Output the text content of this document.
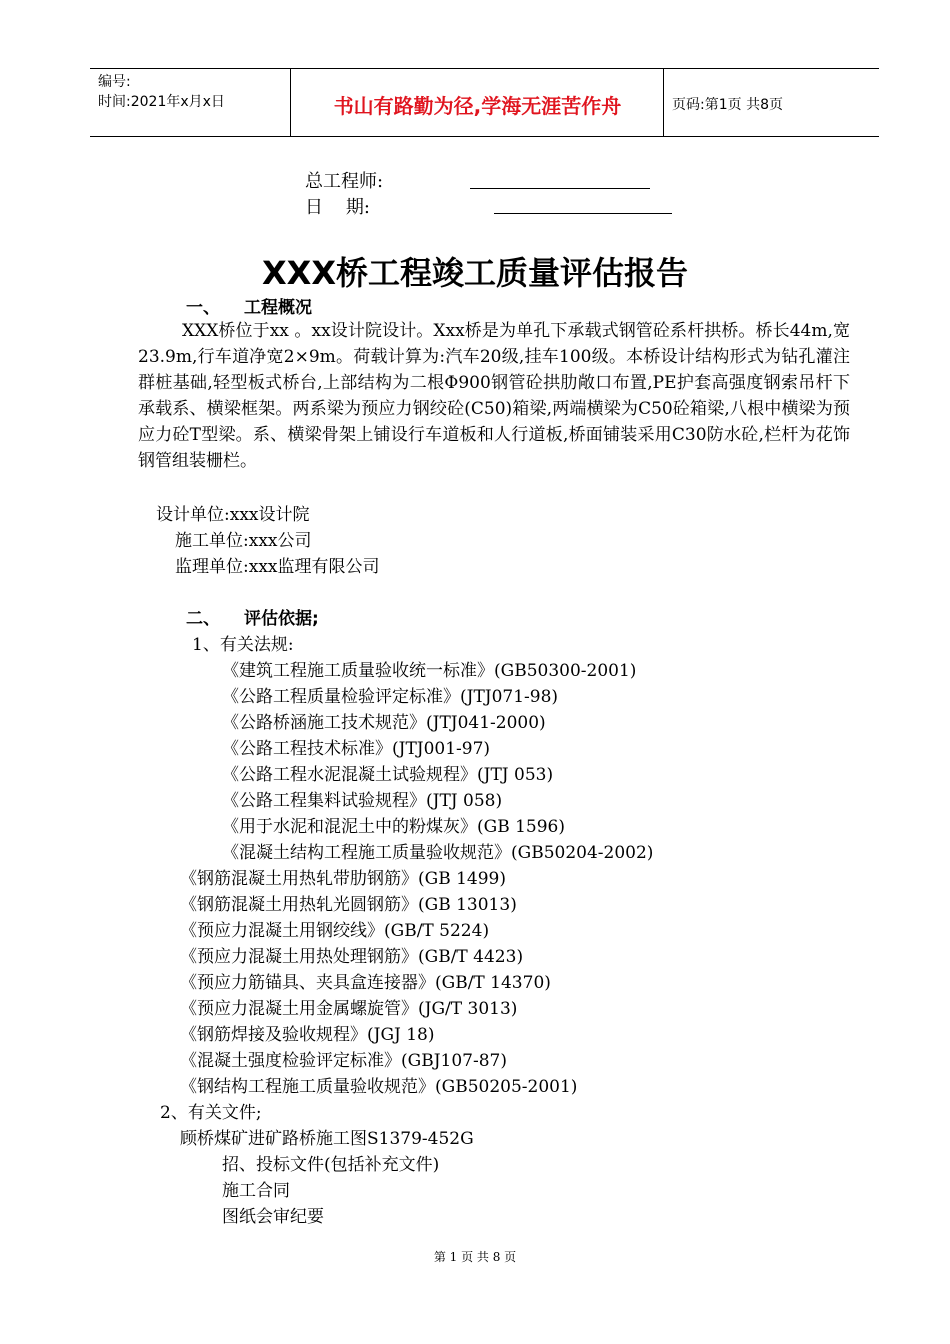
编号:
时间:2021年x月x日	书山有路勤为径,学海无涯苦作舟	页码:第1页 共8页
总工程师:
日    期:
XXX桥工程竣工质量评估报告
一、 工程概况
XXX桥位于xx 。xx设计院设计。Xxx桥是为单孔下承载式钢管砼系杆拱桥。桥长44m,宽23.9m,行车道净宽2×9m。荷载计算为:汽车20级,挂车100级。本桥设计结构形式为钻孔灌注群桩基础,轻型板式桥台,上部结构为二根Φ900钢管砼拱肋敞口布置,PE护套高强度钢索吊杆下承载系、横梁框架。两系梁为预应力钢绞砼(C50)箱梁,两端横梁为C50砼箱梁,八根中横梁为预应力砼T型梁。系、横梁骨架上铺设行车道板和人行道板,桥面铺装采用C30防水砼,栏杆为花饰钢管组装栅栏。
设计单位:xxx设计院
施工单位:xxx公司
监理单位:xxx监理有限公司
二、 评估依据;
1、有关法规:
《建筑工程施工质量验收统一标准》(GB50300-2001)
《公路工程质量检验评定标准》(JTJ071-98)
《公路桥涵施工技术规范》(JTJ041-2000)
《公路工程技术标准》(JTJ001-97)
《公路工程水泥混凝土试验规程》(JTJ 053)
《公路工程集料试验规程》(JTJ 058)
《用于水泥和混泥土中的粉煤灰》(GB 1596)
《混凝土结构工程施工质量验收规范》(GB50204-2002)
《钢筋混凝土用热轧带肋钢筋》(GB 1499)
《钢筋混凝土用热轧光圆钢筋》(GB 13013)
《预应力混凝土用钢绞线》(GB/T 5224)
《预应力混凝土用热处理钢筋》(GB/T 4423)
《预应力筋锚具、夹具盒连接器》(GB/T 14370)
《预应力混凝土用金属螺旋管》(JG/T 3013)
《钢筋焊接及验收规程》(JGJ 18)
《混凝土强度检验评定标准》(GBJ107-87)
《钢结构工程施工质量验收规范》(GB50205-2001)
2、有关文件;
顾桥煤矿进矿路桥施工图S1379-452G
招、投标文件(包括补充文件)
施工合同
图纸会审纪要
第 1 页 共 8 页
